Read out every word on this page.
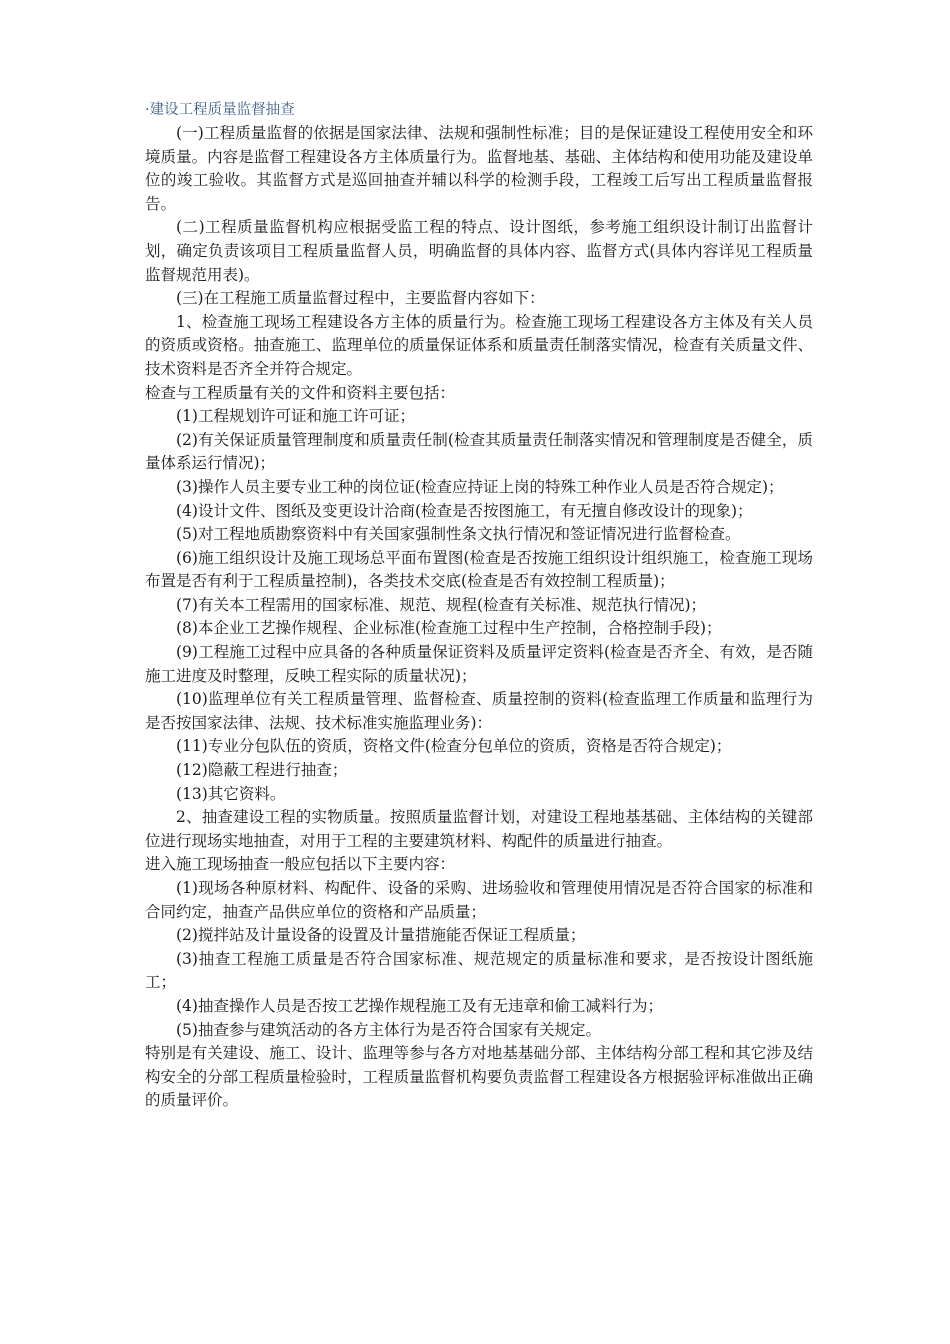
·建设工程质量监督抽查

(一)工程质量监督的依据是国家法律、法规和强制性标准；目的是保证建设工程使用安全和环境质量。内容是监督工程建设各方主体质量行为。监督地基、基础、主体结构和使用功能及建设单位的竣工验收。其监督方式是巡回抽查并辅以科学的检测手段，工程竣工后写出工程质量监督报告。

(二)工程质量监督机构应根据受监工程的特点、设计图纸，参考施工组织设计制订出监督计划，确定负责该项目工程质量监督人员，明确监督的具体内容、监督方式(具体内容详见工程质量监督规范用表)。

(三)在工程施工质量监督过程中，主要监督内容如下：

1、检查施工现场工程建设各方主体的质量行为。检查施工现场工程建设各方主体及有关人员的资质或资格。抽查施工、监理单位的质量保证体系和质量责任制落实情况，检查有关质量文件、技术资料是否齐全并符合规定。

检查与工程质量有关的文件和资料主要包括：

(1)工程规划许可证和施工许可证；

(2)有关保证质量管理制度和质量责任制(检查其质量责任制落实情况和管理制度是否健全，质量体系运行情况)；

(3)操作人员主要专业工种的岗位证(检查应持证上岗的特殊工种作业人员是否符合规定)；

(4)设计文件、图纸及变更设计洽商(检查是否按图施工，有无擅自修改设计的现象)；

(5)对工程地质勘察资料中有关国家强制性条文执行情况和签证情况进行监督检查。

(6)施工组织设计及施工现场总平面布置图(检查是否按施工组织设计组织施工，检查施工现场布置是否有利于工程质量控制)，各类技术交底(检查是否有效控制工程质量)；

(7)有关本工程需用的国家标准、规范、规程(检查有关标准、规范执行情况)；

(8)本企业工艺操作规程、企业标准(检查施工过程中生产控制，合格控制手段)；

(9)工程施工过程中应具备的各种质量保证资料及质量评定资料(检查是否齐全、有效，是否随施工进度及时整理，反映工程实际的质量状况)；

(10)监理单位有关工程质量管理、监督检查、质量控制的资料(检查监理工作质量和监理行为是否按国家法律、法规、技术标准实施监理业务)：

(11)专业分包队伍的资质，资格文件(检查分包单位的资质，资格是否符合规定)；

(12)隐蔽工程进行抽查；

(13)其它资料。

2、抽查建设工程的实物质量。按照质量监督计划，对建设工程地基基础、主体结构的关键部位进行现场实地抽查，对用于工程的主要建筑材料、构配件的质量进行抽查。

进入施工现场抽查一般应包括以下主要内容：

(1)现场各种原材料、构配件、设备的采购、进场验收和管理使用情况是否符合国家的标准和合同约定，抽查产品供应单位的资格和产品质量；

(2)搅拌站及计量设备的设置及计量措施能否保证工程质量；

(3)抽查工程施工质量是否符合国家标准、规范规定的质量标准和要求，是否按设计图纸施工；

(4)抽查操作人员是否按工艺操作规程施工及有无违章和偷工减料行为；

(5)抽查参与建筑活动的各方主体行为是否符合国家有关规定。

特别是有关建设、施工、设计、监理等参与各方对地基基础分部、主体结构分部工程和其它涉及结构安全的分部工程质量检验时，工程质量监督机构要负责监督工程建设各方根据验评标准做出正确的质量评价。
